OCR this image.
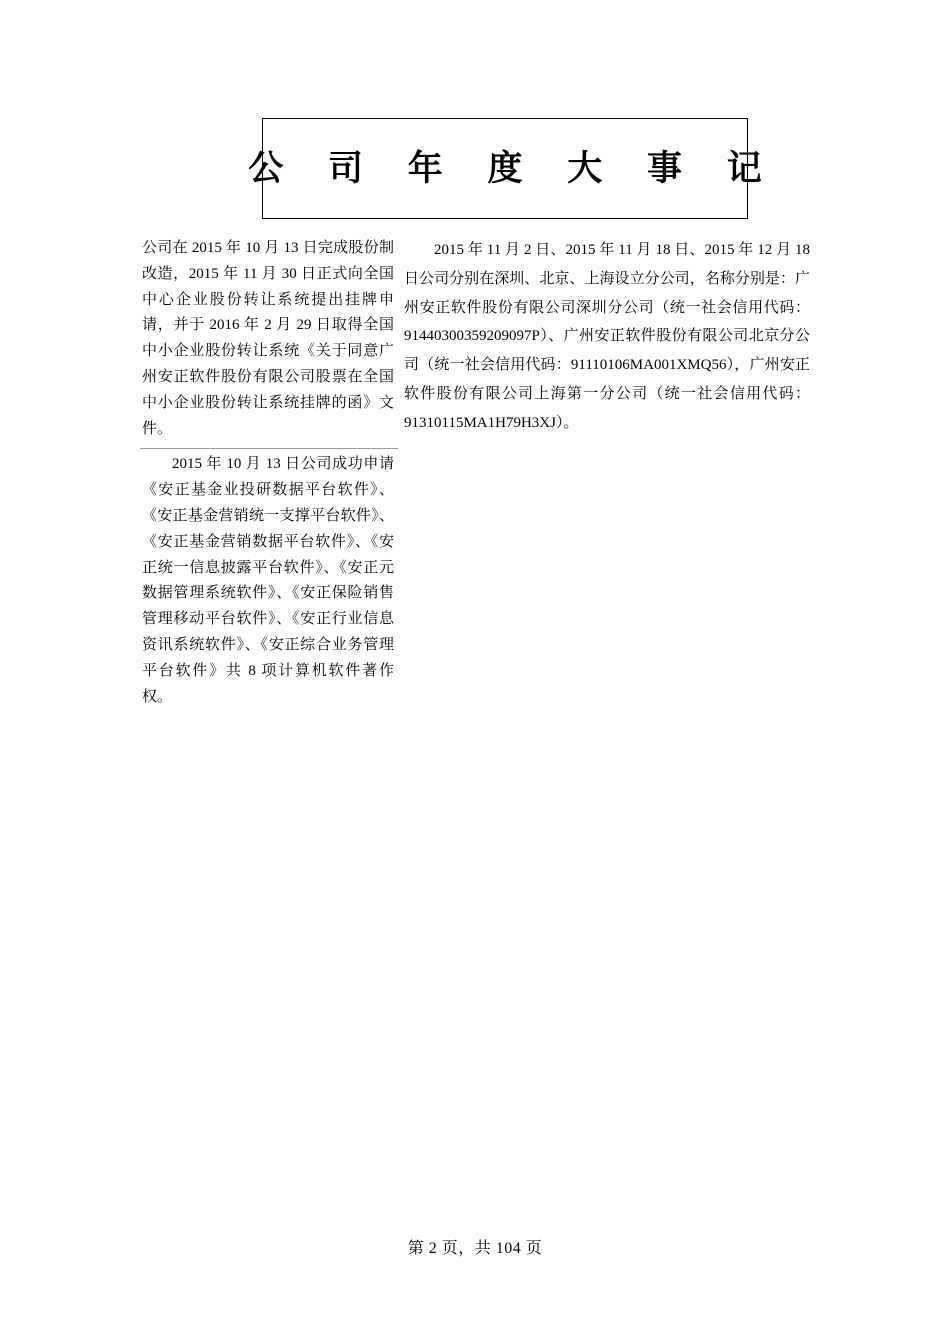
公 司 年 度 大 事 记
公司在 2015 年 10 月 13 日完成股份制改造，2015 年 11 月 30 日正式向全国中心企业股份转让系统提出挂牌申请，并于 2016 年 2 月 29 日取得全国中小企业股份转让系统《关于同意广州安正软件股份有限公司股票在全国中小企业股份转让系统挂牌的函》文件。

2015 年 11 月 2 日、2015 年 11 月 18 日、2015 年 12 月 18 日公司分别在深圳、北京、上海设立分公司，名称分别是：广州安正软件股份有限公司深圳分公司（统一社会信用代码：91440300359209097P）、广州安正软件股份有限公司北京分公司（统一社会信用代码：91110106MA001XMQ56），广州安正软件股份有限公司上海第一分公司（统一社会信用代码：91310115MA1H79H3XJ）。

2015 年 10 月 13 日公司成功申请《安正基金业投研数据平台软件》、《安正基金营销统一支撑平台软件》、《安正基金营销数据平台软件》、《安正统一信息披露平台软件》、《安正元数据管理系统软件》、《安正保险销售管理移动平台软件》、《安正行业信息资讯系统软件》、《安正综合业务管理平台软件》共 8 项计算机软件著作权。
第 2 页，共 104 页
